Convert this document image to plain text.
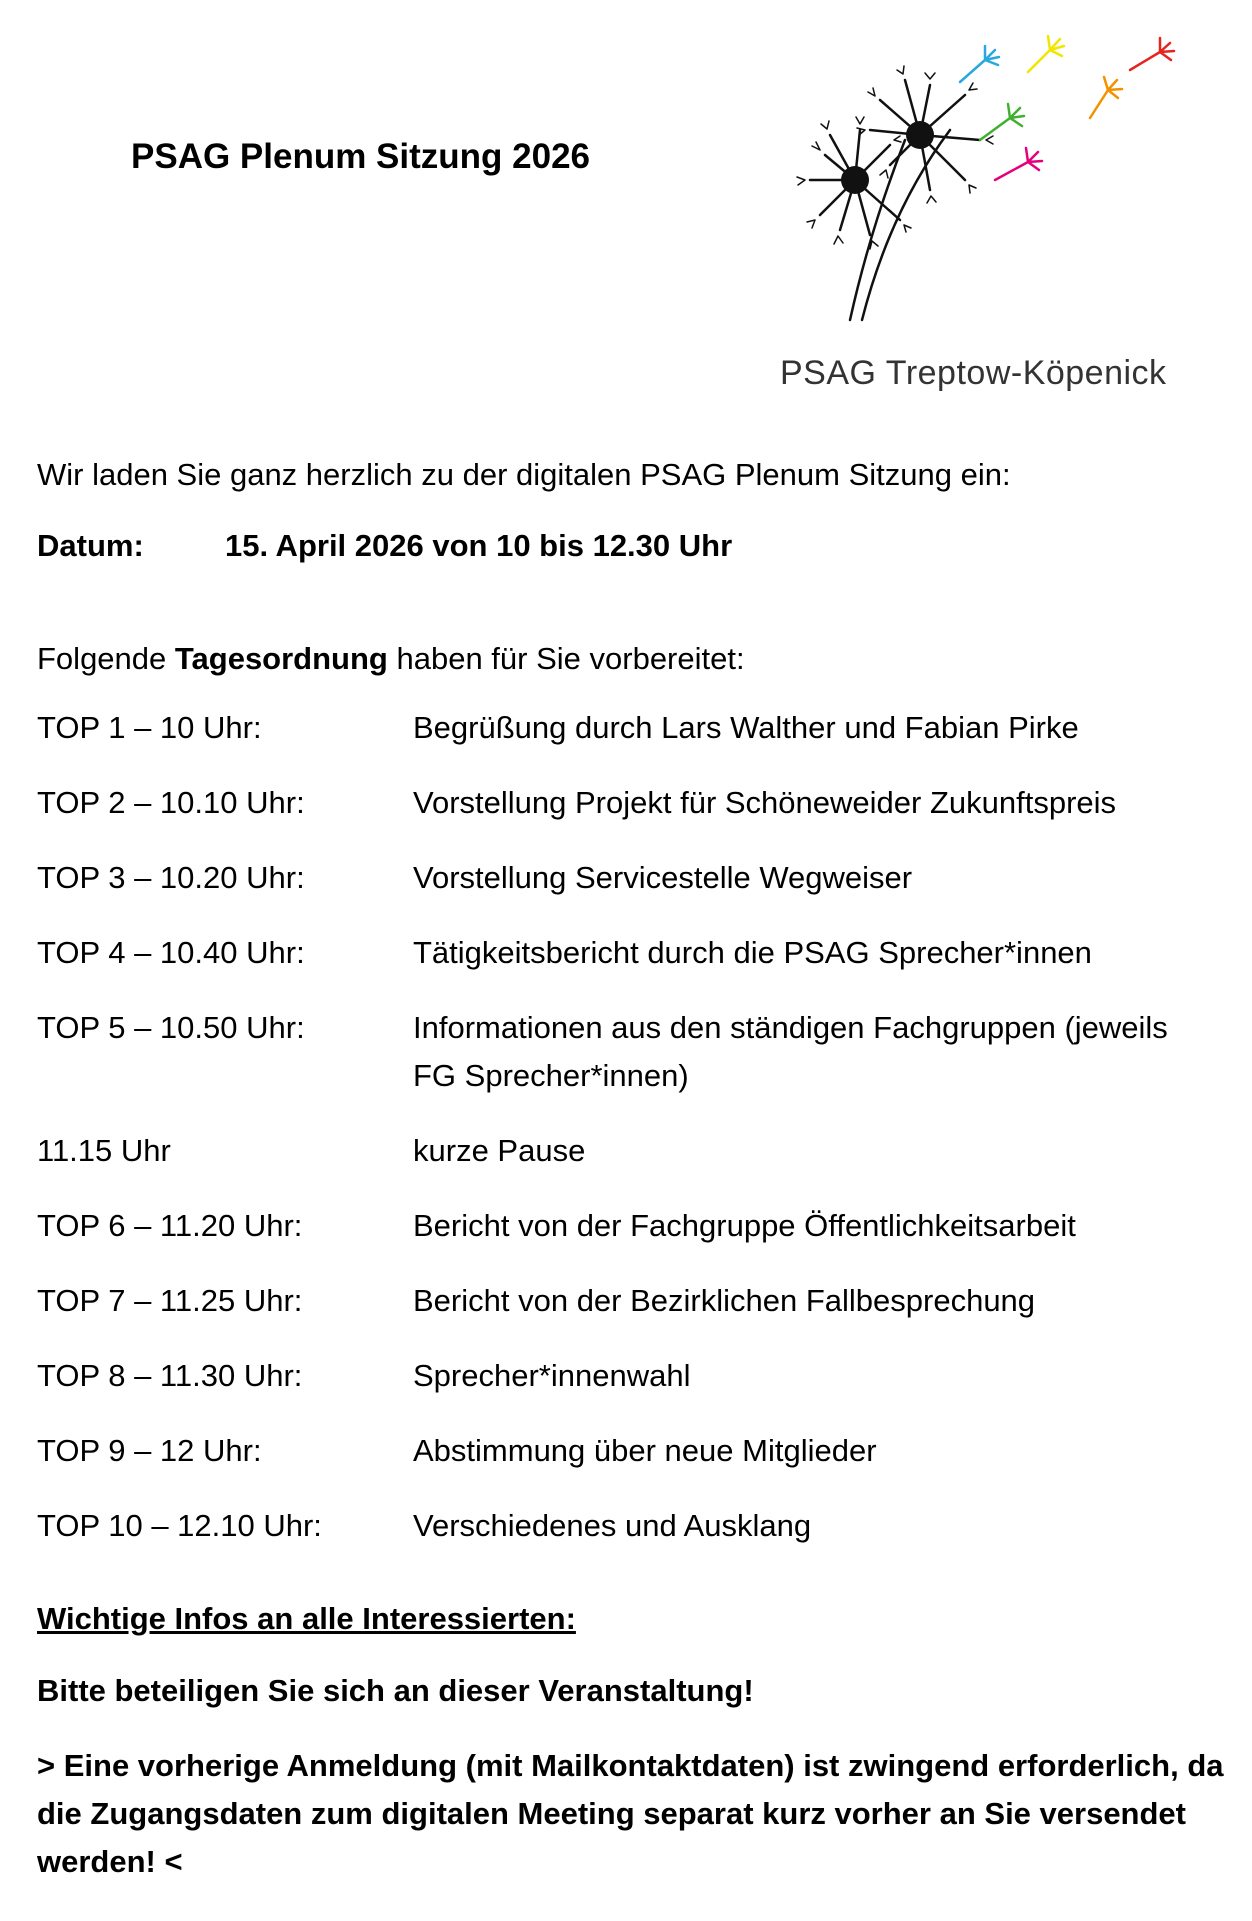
PSAG Plenum Sitzung 2026
PSAG Treptow-Köpenick
Wir laden Sie ganz herzlich zu der digitalen PSAG Plenum Sitzung ein:
Datum:	15. April 2026 von 10 bis 12.30 Uhr
Folgende Tagesordnung haben für Sie vorbereitet:
TOP 1 – 10 Uhr:	Begrüßung durch Lars Walther und Fabian Pirke
TOP 2 – 10.10 Uhr:	Vorstellung Projekt für Schöneweider Zukunftspreis
TOP 3 – 10.20 Uhr:	Vorstellung Servicestelle Wegweiser
TOP 4 – 10.40 Uhr:	Tätigkeitsbericht durch die PSAG Sprecher*innen
TOP 5 – 10.50 Uhr:	Informationen aus den ständigen Fachgruppen (jeweils FG Sprecher*innen)
11.15 Uhr	kurze Pause
TOP 6 – 11.20 Uhr:	Bericht von der Fachgruppe Öffentlichkeitsarbeit
TOP 7 – 11.25 Uhr:	Bericht von der Bezirklichen Fallbesprechung
TOP 8 – 11.30 Uhr:	Sprecher*innenwahl
TOP 9 – 12 Uhr:	Abstimmung über neue Mitglieder
TOP 10 – 12.10 Uhr:	Verschiedenes und Ausklang
Wichtige Infos an alle Interessierten:
Bitte beteiligen Sie sich an dieser Veranstaltung!
> Eine vorherige Anmeldung (mit Mailkontaktdaten) ist zwingend erforderlich, da die Zugangsdaten zum digitalen Meeting separat kurz vorher an Sie versendet werden! <
